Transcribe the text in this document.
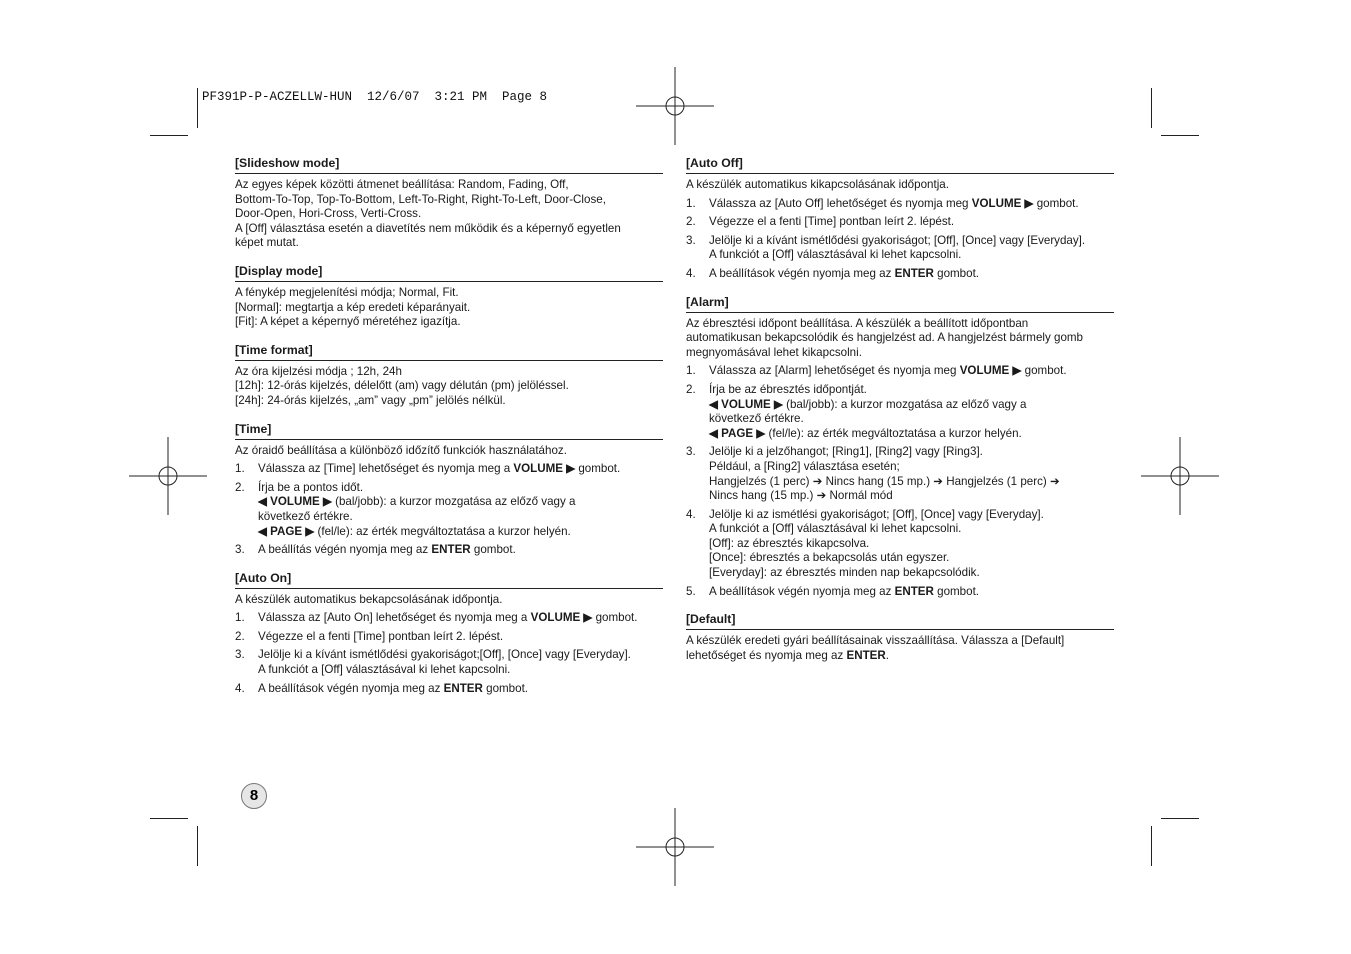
PF391P-P-ACZELLW-HUN  12/6/07  3:21 PM  Page 8
[Slideshow mode]

Az egyes képek közötti átmenet beállítása: Random, Fading, Off,
Bottom-To-Top, Top-To-Bottom, Left-To-Right, Right-To-Left, Door-Close,
Door-Open, Hori-Cross, Verti-Cross.
A [Off] választása esetén a diavetítés nem működik és a képernyő egyetlen
képet mutat.

[Display mode]

A fénykép megjelenítési módja; Normal, Fit.
[Normal]: megtartja a kép eredeti képarányait.
[Fit]: A képet a képernyő méretéhez igazítja.

[Time format]

Az óra kijelzési módja ; 12h, 24h
[12h]: 12-órás kijelzés, délelőtt (am) vagy délután (pm) jelöléssel.
[24h]: 24-órás kijelzés, „am” vagy „pm” jelölés nélkül.

[Time]

Az óraidő beállítása a különböző időzítő funkciók használatához.

1. Válassza az [Time] lehetőséget és nyomja meg a VOLUME ▶ gombot.
2. Írja be a pontos időt.
◀ VOLUME ▶ (bal/jobb): a kurzor mozgatása az előző vagy a
következő értékre.
◀ PAGE ▶ (fel/le): az érték megváltoztatása a kurzor helyén.
3. A beállítás végén nyomja meg az ENTER gombot.
[Auto On]

A készülék automatikus bekapcsolásának időpontja.

1. Válassza az [Auto On] lehetőséget és nyomja meg a VOLUME ▶ gombot.
2. Végezze el a fenti [Time] pontban leírt 2. lépést.
3. Jelölje ki a kívánt ismétlődési gyakoriságot;[Off], [Once] vagy [Everyday].
A funkciót a [Off] választásával ki lehet kapcsolni.
4. A beállítások végén nyomja meg az ENTER gombot.
[Auto Off]

A készülék automatikus kikapcsolásának időpontja.

1. Válassza az [Auto Off] lehetőséget és nyomja meg VOLUME ▶ gombot.
2. Végezze el a fenti [Time] pontban leírt 2. lépést.
3. Jelölje ki a kívánt ismétlődési gyakoriságot; [Off], [Once] vagy [Everyday].
A funkciót a [Off] választásával ki lehet kapcsolni.
4. A beállítások végén nyomja meg az ENTER gombot.
[Alarm]

Az ébresztési időpont beállítása. A készülék a beállított időpontban
automatikusan bekapcsolódik és hangjelzést ad. A hangjelzést bármely gomb
megnyomásával lehet kikapcsolni.

1. Válassza az [Alarm] lehetőséget és nyomja meg VOLUME ▶ gombot.
2. Írja be az ébresztés időpontját.
◀ VOLUME ▶ (bal/jobb): a kurzor mozgatása az előző vagy a
következő értékre.
◀ PAGE ▶ (fel/le): az érték megváltoztatása a kurzor helyén.
3. Jelölje ki a jelzőhangot; [Ring1], [Ring2] vagy [Ring3].
Például, a [Ring2] választása esetén;
Hangjelzés (1 perc) ➔ Nincs hang (15 mp.) ➔ Hangjelzés (1 perc) ➔
Nincs hang (15 mp.) ➔ Normál mód
4. Jelölje ki az ismétlési gyakoriságot; [Off], [Once] vagy [Everyday].
A funkciót a [Off] választásával ki lehet kapcsolni.
[Off]: az ébresztés kikapcsolva.
[Once]: ébresztés a bekapcsolás után egyszer.
[Everyday]: az ébresztés minden nap bekapcsolódik.
5. A beállítások végén nyomja meg az ENTER gombot.
[Default]

A készülék eredeti gyári beállításainak visszaállítása. Válassza a [Default]
lehetőséget és nyomja meg az ENTER.

8
